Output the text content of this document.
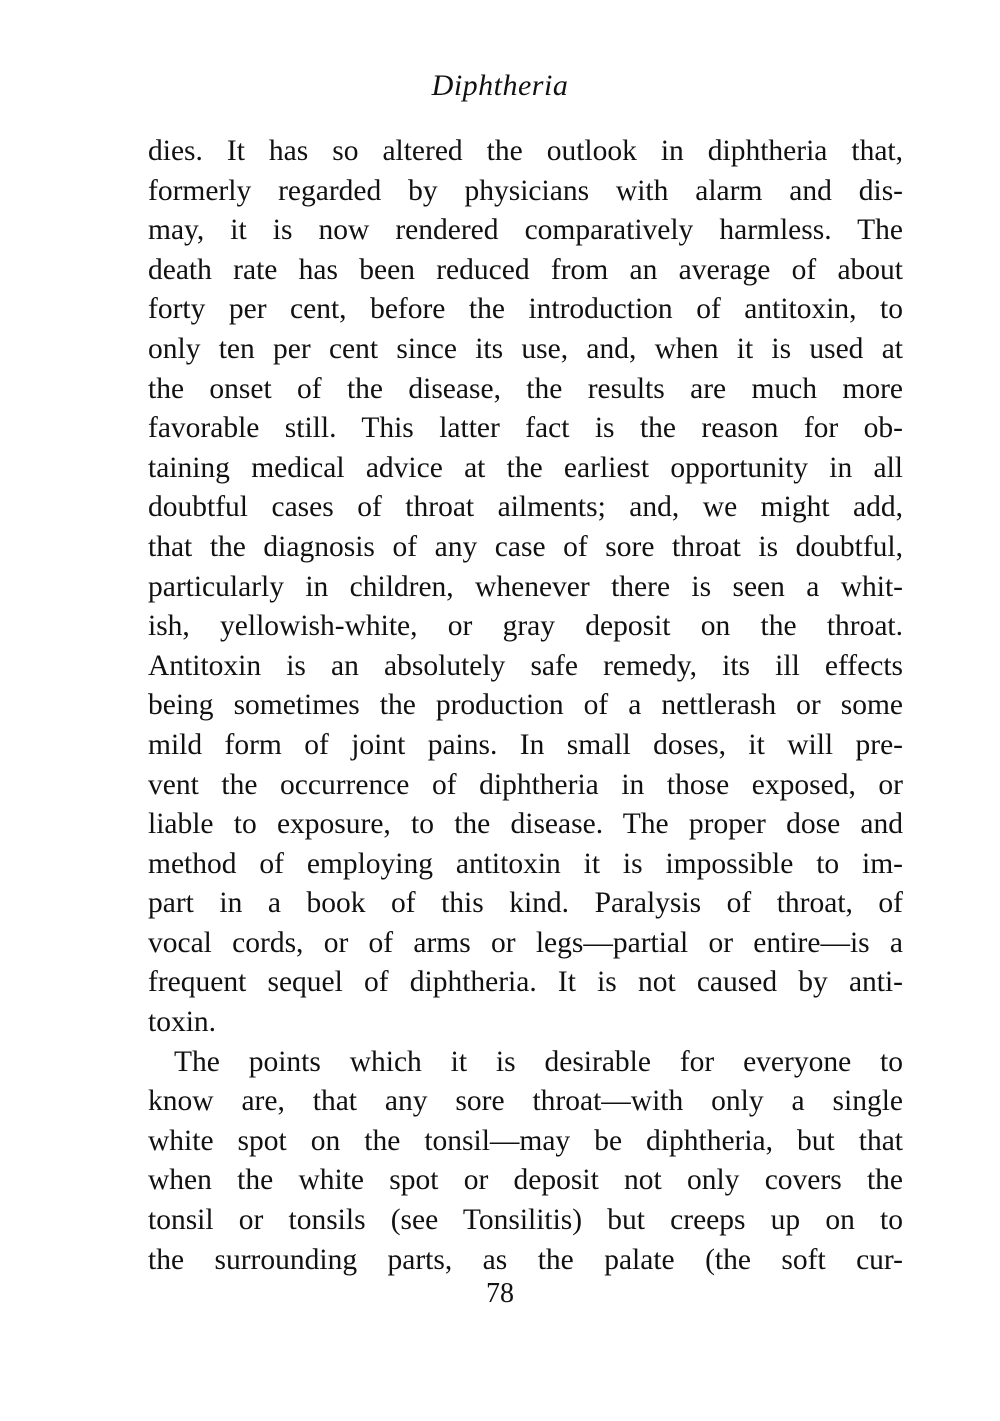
Diphtheria
dies. It has so altered the outlook in diphtheria that,
formerly regarded by physicians with alarm and dis-
may, it is now rendered comparatively harmless. The
death rate has been reduced from an average of about
forty per cent, before the introduction of antitoxin, to
only ten per cent since its use, and, when it is used at
the onset of the disease, the results are much more
favorable still. This latter fact is the reason for ob-
taining medical advice at the earliest opportunity in all
doubtful cases of throat ailments; and, we might add,
that the diagnosis of any case of sore throat is doubtful,
particularly in children, whenever there is seen a whit-
ish, yellowish-white, or gray deposit on the throat.
Antitoxin is an absolutely safe remedy, its ill effects
being sometimes the production of a nettlerash or some
mild form of joint pains. In small doses, it will pre-
vent the occurrence of diphtheria in those exposed, or
liable to exposure, to the disease. The proper dose and
method of employing antitoxin it is impossible to im-
part in a book of this kind. Paralysis of throat, of
vocal cords, or of arms or legs—partial or entire—is a
frequent sequel of diphtheria. It is not caused by anti-
toxin.
The points which it is desirable for everyone to
know are, that any sore throat—with only a single
white spot on the tonsil—may be diphtheria, but that
when the white spot or deposit not only covers the
tonsil or tonsils (see Tonsilitis) but creeps up on to
the surrounding parts, as the palate (the soft cur-
78
